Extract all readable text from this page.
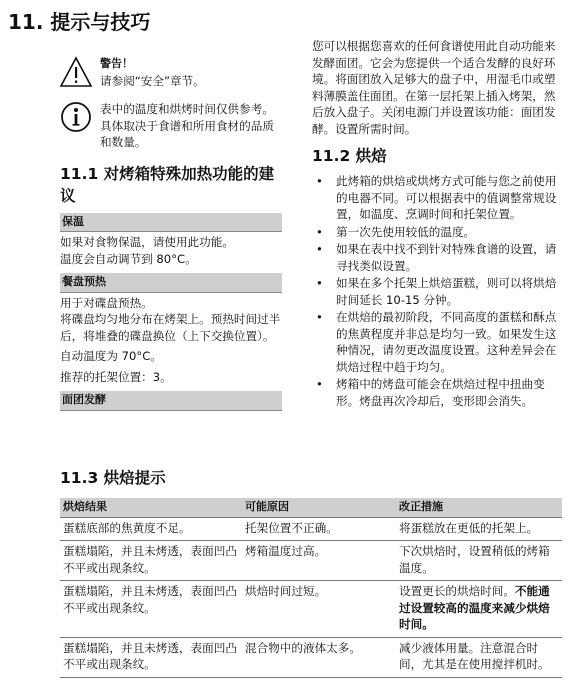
11. 提示与技巧
警告！
请参阅“安全”章节。
表中的温度和烘烤时间仅供参考。具体取决于食谱和所用食材的品质和数量。
11.1 对烤箱特殊加热功能的建议
保温
如果对食物保温，请使用此功能。

温度会自动调节到 80°C。

餐盘预热
用于对碟盘预热。

将碟盘均匀地分布在烤架上。预热时间过半后，将堆叠的碟盘换位（上下交换位置）。

自动温度为 70°C。

推荐的托架位置：3。

面团发酵

您可以根据您喜欢的任何食谱使用此自动功能来发酵面团。它会为您提供一个适合发酵的良好环境。将面团放入足够大的盘子中，用湿毛巾或塑料薄膜盖住面团。在第一层托架上插入烤架，然后放入盘子。关闭电源门并设置该功能：面团发酵。设置所需时间。

11.2 烘焙
• 此烤箱的烘焙或烘烤方式可能与您之前使用的电器不同。可以根据表中的值调整常规设置，如温度、烹调时间和托架位置。
• 第一次先使用较低的温度。
• 如果在表中找不到针对特殊食谱的设置，请寻找类似设置。
• 如果在多个托架上烘焙蛋糕，则可以将烘焙时间延长 10-15 分钟。
• 在烘焙的最初阶段，不同高度的蛋糕和酥点的焦黄程度并非总是均匀一致。如果发生这种情况，请勿更改温度设置。这种差异会在烘焙过程中趋于均匀。
• 烤箱中的烤盘可能会在烘焙过程中扭曲变形。烤盘再次冷却后，变形即会消失。
11.3 烘焙提示
烘焙结果	可能原因	改正措施
蛋糕底部的焦黄度不足。	托架位置不正确。	将蛋糕放在更低的托架上。
蛋糕塌陷，并且未烤透，表面凹凸不平或出现条纹。	烤箱温度过高。	下次烘焙时，设置稍低的烤箱温度。
蛋糕塌陷，并且未烤透，表面凹凸不平或出现条纹。	烘焙时间过短。	设置更长的烘焙时间。不能通过设置较高的温度来减少烘焙时间。
蛋糕塌陷，并且未烤透，表面凹凸不平或出现条纹。	混合物中的液体太多。	减少液体用量。注意混合时间，尤其是在使用搅拌机时。
